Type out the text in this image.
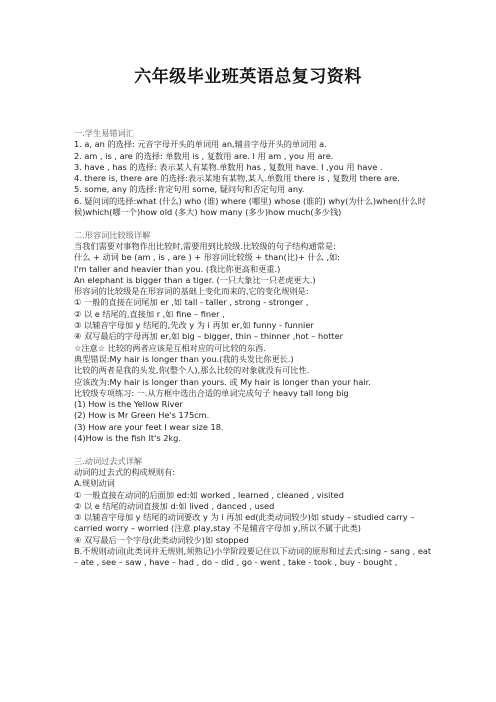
六年级毕业班英语总复习资料
一.学生易错词汇
1. a, an 的选择: 元音字母开头的单词用 an,辅音字母开头的单词用 a.
2. am , is , are 的选择: 单数用 is , 复数用 are. I 用 am , you 用 are.
3. have , has 的选择: 表示某人有某物.单数用 has , 复数用 have. I ,you 用 have .
4. there is, there are 的选择:表示某地有某物,某人.单数用 there is , 复数用 there are.
5. some, any 的选择:肯定句用 some, 疑问句和否定句用 any.
6. 疑问词的选择:what (什么) who (谁) where (哪里) whose (谁的) why(为什么)when(什么时候)which(哪一个)how old (多大) how many (多少)how much(多少钱)
二.形容词比较级详解
当我们需要对事物作出比较时,需要用到比较级.比较级的句子结构通常是:
什么 + 动词 be (am , is , are ) + 形容词比较级 + than(比)+ 什么 ,如:
I'm taller and heavier than you. (我比你更高和更重.)
An elephant is bigger than a tiger. (一只大象比一只老虎更大.)
形容词的比较级是在形容词的基础上变化而来的,它的变化规则是:
① 一般的直接在词尾加 er ,如 tall - taller , strong - stronger ,
② 以 e 结尾的,直接加 r ,如 fine – finer ,
③ 以辅音字母加 y 结尾的,先改 y 为 i 再加 er,如 funny - funnier
④ 双写最后的字母再加 er,如 big – bigger, thin – thinner ,hot – hotter
☆注意☆ 比较的两者应该是互相对应的可比较的东西.
典型错误:My hair is longer than you.(我的头发比你更长.)
比较的两者是我的头发,你(整个人),那么比较的对象就没有可比性.
应该改为:My hair is longer than yours. 或 My hair is longer than your hair.
比较级专项练习: 一.从方框中选出合适的单词完成句子 heavy tall long big
(1) How is the Yellow River
(2) How is Mr Green He's 175cm.
(3) How are your feet I wear size 18.
(4)How is the fish It's 2kg.
三.动词过去式详解
动词的过去式的构成规则有:
A.规则动词
① 一般直接在动词的后面加 ed:如 worked , learned , cleaned , visited
② 以 e 结尾的动词直接加 d:如 lived , danced , used
③ 以辅音字母加 y 结尾的动词要改 y 为 i 再加 ed(此类动词较少)如 study – studied carry – carried worry – worried (注意 play,stay 不是辅音字母加 y,所以不属于此类)
④ 双写最后一个字母(此类动词较少)如 stopped
B.不规则动词(此类词并无规则,须熟记)小学阶段要记住以下动词的原形和过去式:sing – sang , eat – ate , see – saw , have – had , do – did , go - went , take - took , buy - bought ,
